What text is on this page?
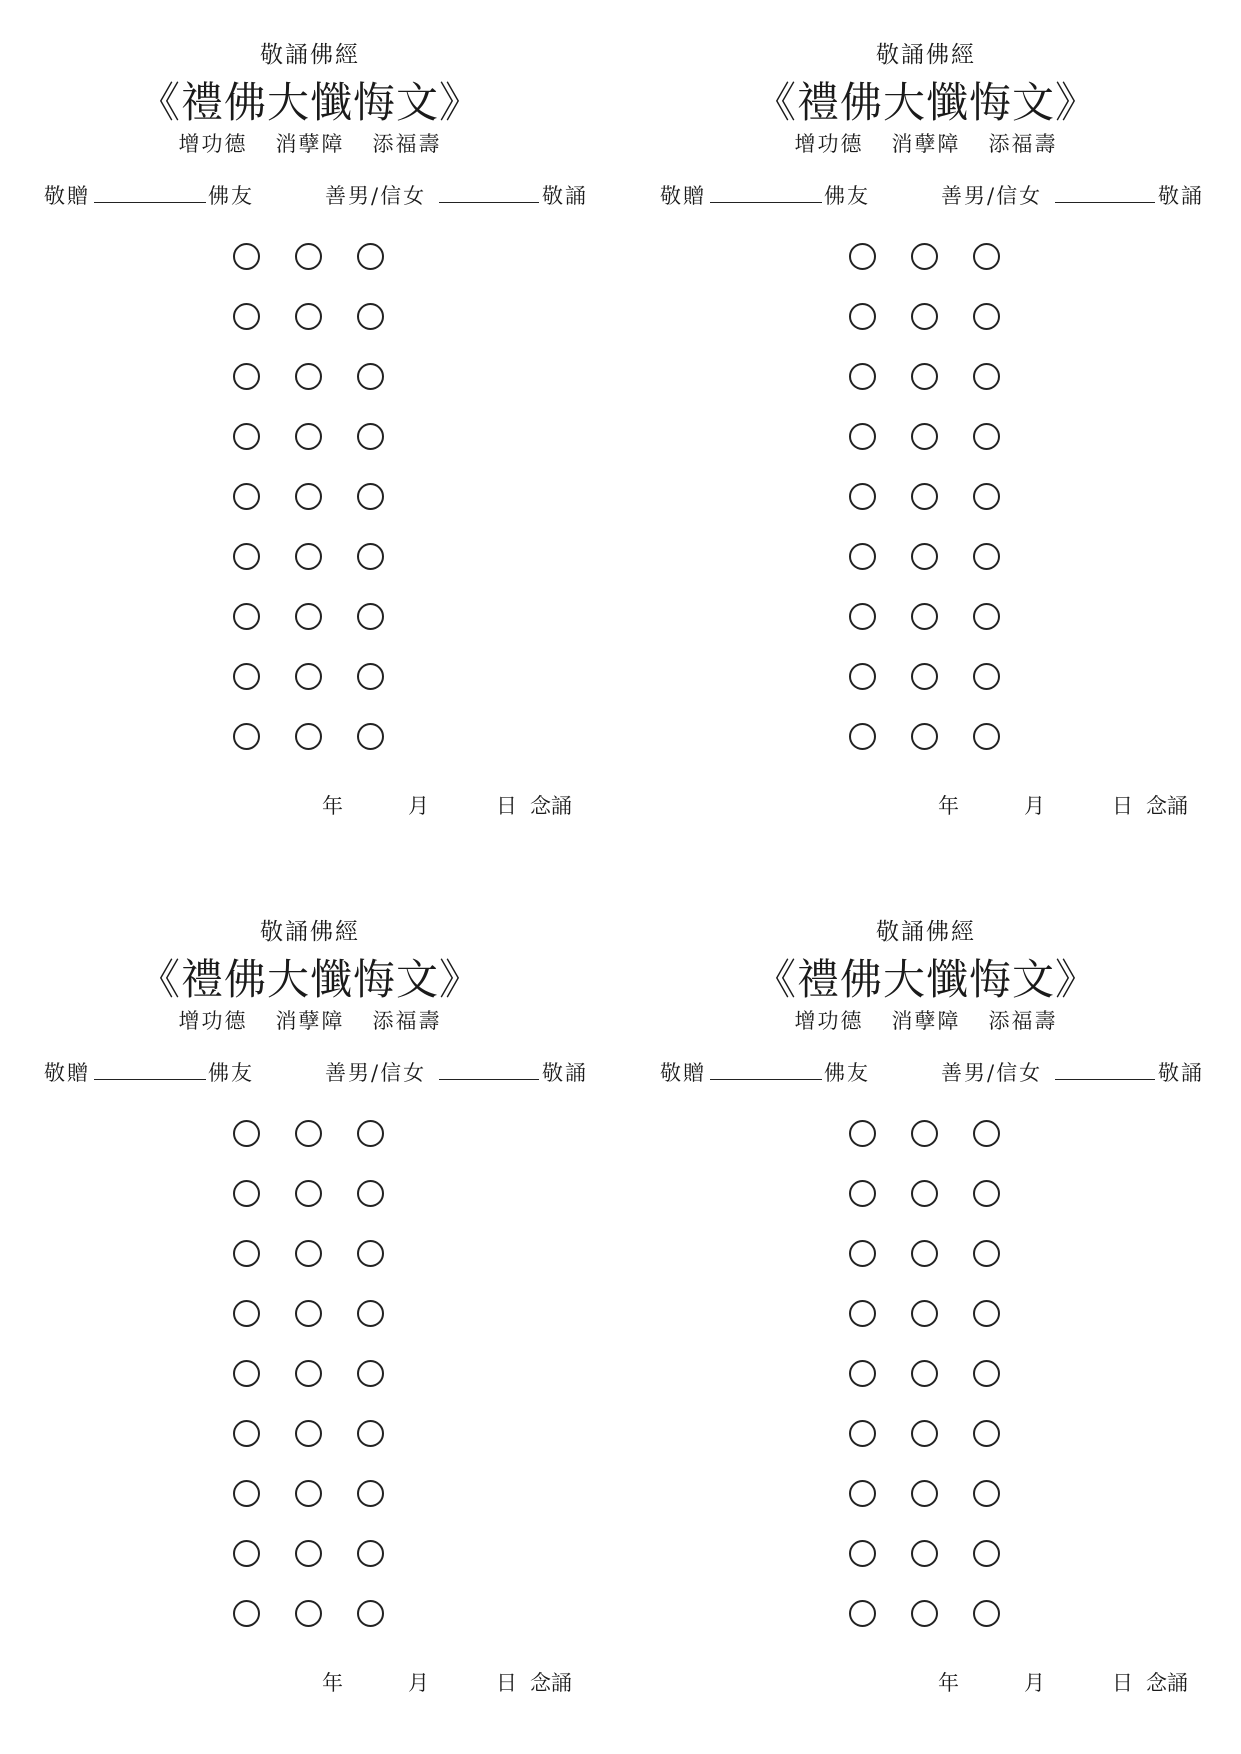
敬誦佛經
《禮佛大懺悔文》
增功德 消孽障 添福壽
敬贈	佛友	善男/信女	敬誦
年	月	日 念誦
敬誦佛經
《禮佛大懺悔文》
增功德 消孽障 添福壽
敬贈	佛友	善男/信女	敬誦
年	月	日 念誦
敬誦佛經
《禮佛大懺悔文》
增功德 消孽障 添福壽
敬贈	佛友	善男/信女	敬誦
年	月	日 念誦
敬誦佛經
《禮佛大懺悔文》
增功德 消孽障 添福壽
敬贈	佛友	善男/信女	敬誦
年	月	日 念誦
